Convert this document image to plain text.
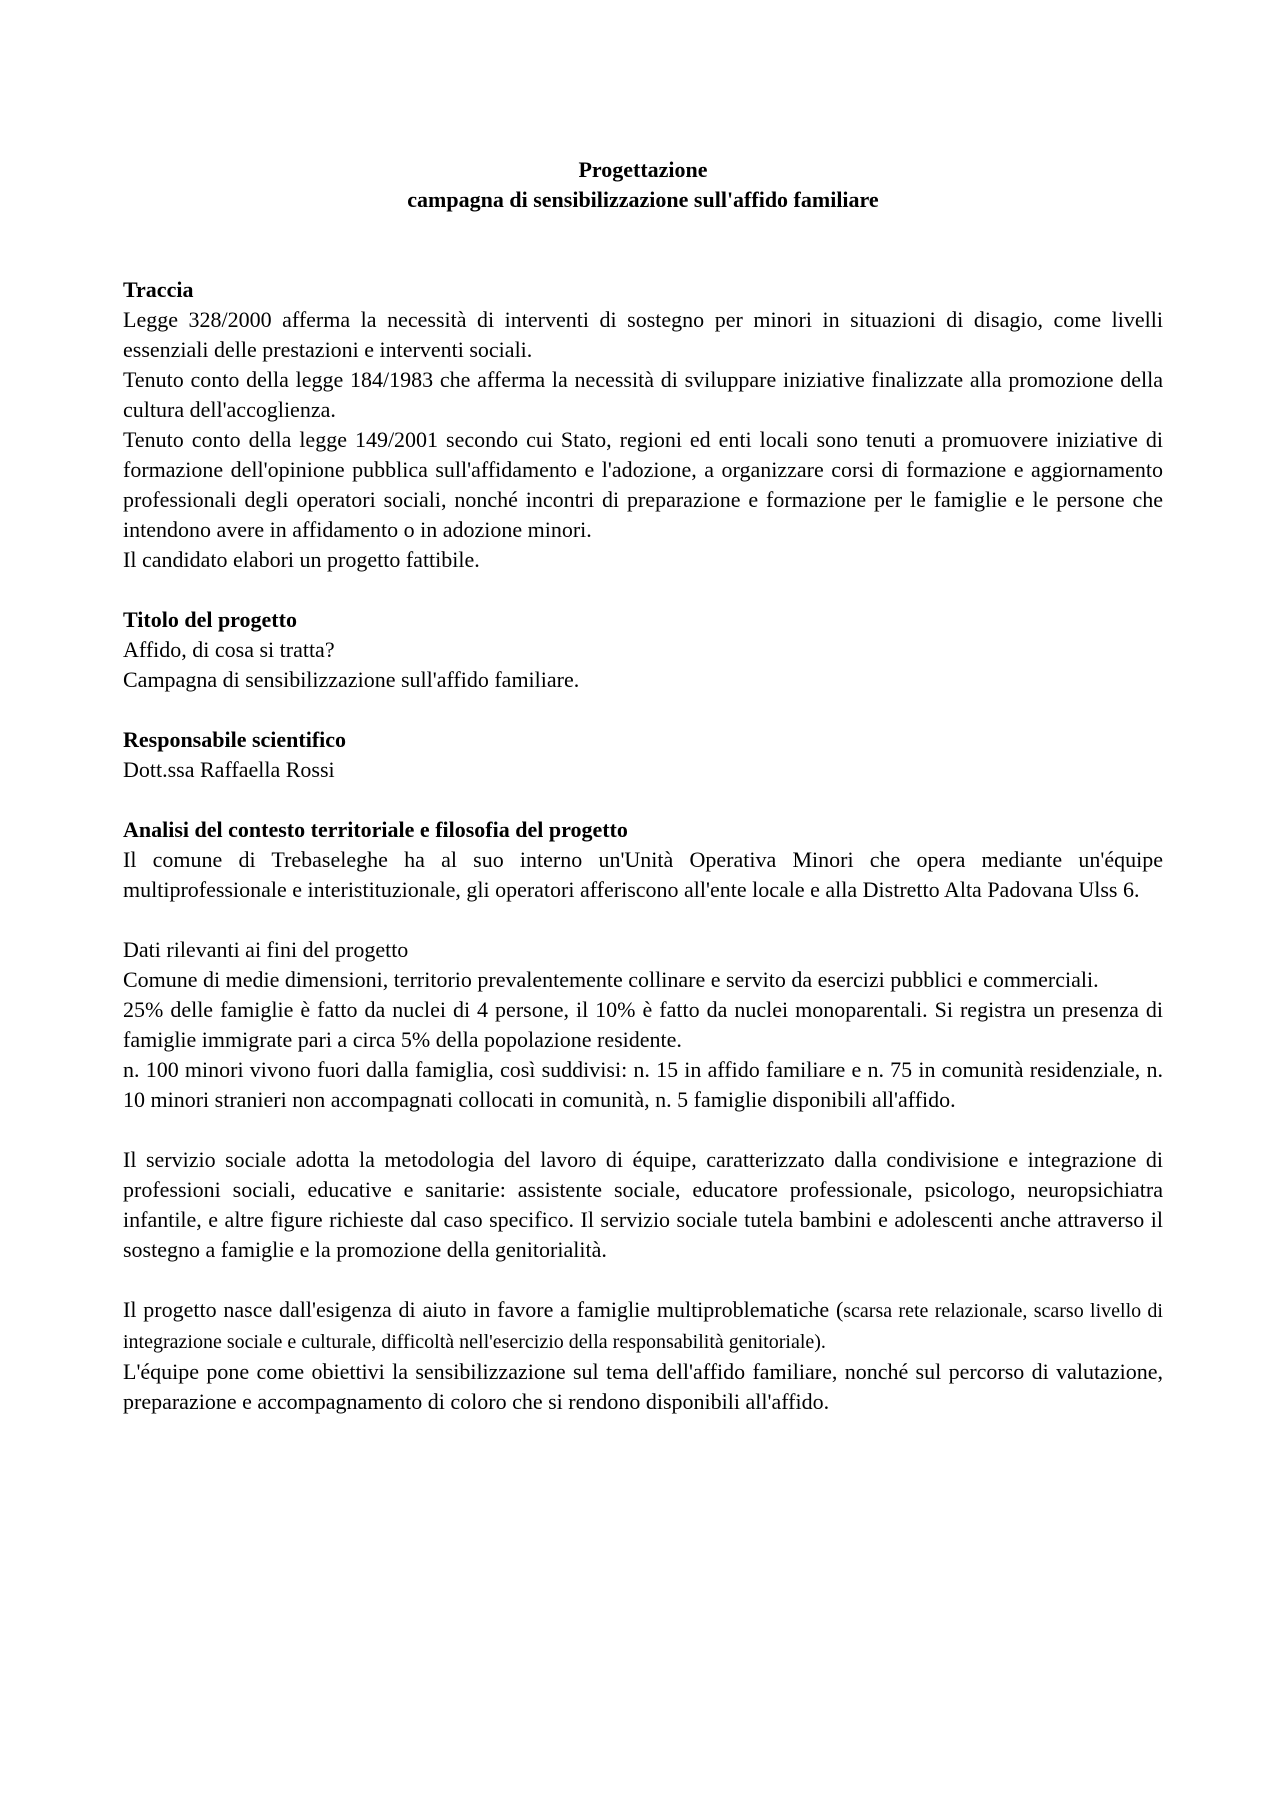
Progettazione

campagna di sensibilizzazione sull'affido familiare

Traccia

Legge 328/2000 afferma la necessità di interventi di sostegno per minori in situazioni di disagio, come livelli essenziali delle prestazioni e interventi sociali.

Tenuto conto della legge 184/1983 che afferma la necessità di sviluppare iniziative finalizzate alla promozione della cultura dell'accoglienza.

Tenuto conto della legge 149/2001 secondo cui Stato, regioni ed enti locali sono tenuti a promuovere iniziative di formazione dell'opinione pubblica sull'affidamento e l'adozione, a organizzare corsi di formazione e aggiornamento professionali degli operatori sociali, nonché incontri di preparazione e formazione per le famiglie e le persone che intendono avere in affidamento o in adozione minori.

Il candidato elabori un progetto fattibile.

Titolo del progetto

Affido, di cosa si tratta?

Campagna di sensibilizzazione sull'affido familiare.

Responsabile scientifico

Dott.ssa Raffaella Rossi

Analisi del contesto territoriale e filosofia del progetto

Il comune di Trebaseleghe ha al suo interno un'Unità Operativa Minori che opera mediante un'équipe multiprofessionale e interistituzionale, gli operatori afferiscono all'ente locale e alla Distretto Alta Padovana Ulss 6.

Dati rilevanti ai fini del progetto

Comune di medie dimensioni, territorio prevalentemente collinare e servito da esercizi pubblici e commerciali.

25% delle famiglie è fatto da nuclei di 4 persone, il 10% è fatto da nuclei monoparentali. Si registra un presenza di famiglie immigrate pari a circa 5% della popolazione residente.

n. 100 minori vivono fuori dalla famiglia, così suddivisi: n. 15 in affido familiare e n. 75 in comunità residenziale, n. 10 minori stranieri non accompagnati collocati in comunità, n. 5 famiglie disponibili all'affido.

Il servizio sociale adotta la metodologia del lavoro di équipe, caratterizzato dalla condivisione e integrazione di professioni sociali, educative e sanitarie: assistente sociale, educatore professionale, psicologo, neuropsichiatra infantile, e altre figure richieste dal caso specifico. Il servizio sociale tutela bambini e adolescenti anche attraverso il sostegno a famiglie e la promozione della genitorialità.

Il progetto nasce dall'esigenza di aiuto in favore a famiglie multiproblematiche (scarsa rete relazionale, scarso livello di integrazione sociale e culturale, difficoltà nell'esercizio della responsabilità genitoriale).

L'équipe pone come obiettivi la sensibilizzazione sul tema dell'affido familiare, nonché sul percorso di valutazione, preparazione e accompagnamento di coloro che si rendono disponibili all'affido.
